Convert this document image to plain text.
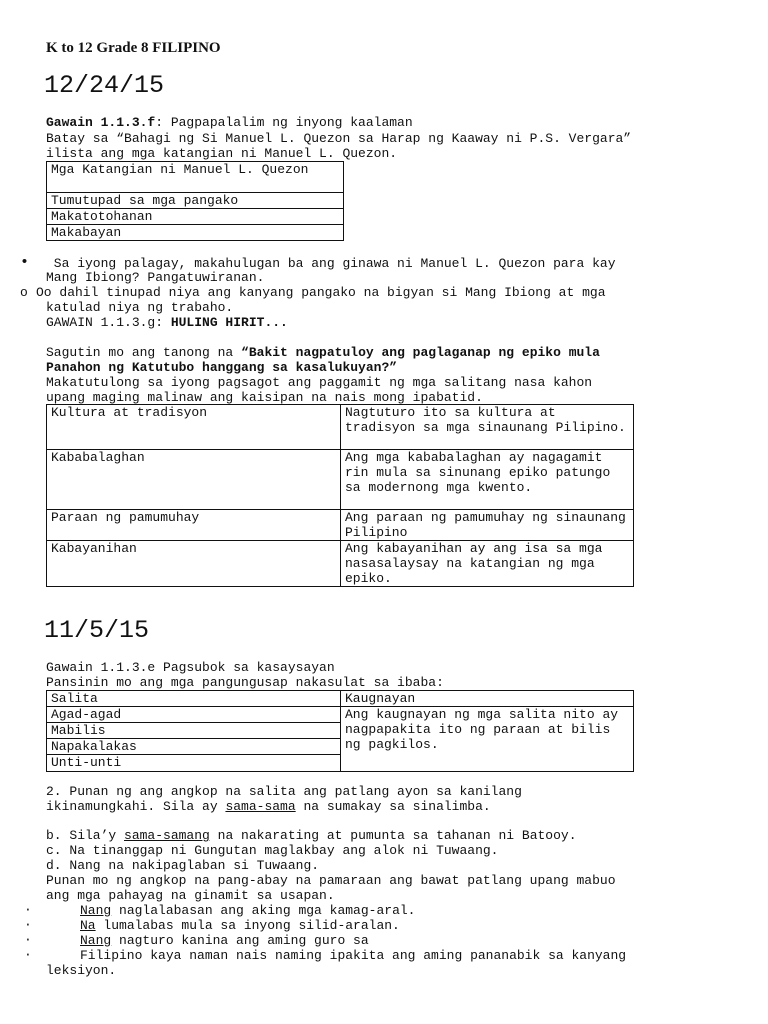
K to 12 Grade 8 FILIPINO
12/24/15
Gawain 1.1.3.f: Pagpapalalim ng inyong kaalaman
Batay sa “Bahagi ng Si Manuel L. Quezon sa Harap ng Kaaway ni P.S. Vergara”
ilista ang mga katangian ni Manuel L. Quezon.
Mga Katangian ni Manuel L. Quezon
Tumutupad sa mga pangako
Makatotohanan
Makabayan
• Sa iyong palagay, makahulugan ba ang ginawa ni Manuel L. Quezon para kay
Mang Ibiong? Pangatuwiranan.
o Oo dahil tinupad niya ang kanyang pangako na bigyan si Mang Ibiong at mga
katulad niya ng trabaho.
GAWAIN 1.1.3.g: HULING HIRIT...
Sagutin mo ang tanong na “Bakit nagpatuloy ang paglaganap ng epiko mula
Panahon ng Katutubo hanggang sa kasalukuyan?”
Makatutulong sa iyong pagsagot ang paggamit ng mga salitang nasa kahon
upang maging malinaw ang kaisipan na nais mong ipabatid.
Kultura at tradisyon	Nagtuturo ito sa kultura at tradisyon sa mga sinaunang Pilipino.
Kababalaghan	Ang mga kababalaghan ay nagagamit rin mula sa sinunang epiko patungo sa modernong mga kwento.
Paraan ng pamumuhay	Ang paraan ng pamumuhay ng sinaunang Pilipino
Kabayanihan	Ang kabayanihan ay ang isa sa mga nasasalaysay na katangian ng mga epiko.
11/5/15
Gawain 1.1.3.e Pagsubok sa kasaysayan
Pansinin mo ang mga pangungusap nakasulat sa ibaba:
Salita	Kaugnayan
Agad-agad	Ang kaugnayan ng mga salita nito ay nagpapakita ito ng paraan at bilis ng pagkilos.
Mabilis	
Napakalakas	
Unti-unti	
2. Punan ng ang angkop na salita ang patlang ayon sa kanilang
ikinamungkahi. Sila ay sama-sama na sumakay sa sinalimba.
b. Sila’y sama-samang na nakarating at pumunta sa tahanan ni Batooy.
c. Na tinanggap ni Gungutan maglakbay ang alok ni Tuwaang.
d. Nang na nakipaglaban si Tuwaang.
Punan mo ng angkop na pang-abay na pamaraan ang bawat patlang upang mabuo
ang mga pahayag na ginamit sa usapan.
·	Nang naglalabasan ang aking mga kamag-aral.
·	Na lumalabas mula sa inyong silid-aralan.
·	Nang nagturo kanina ang aming guro sa
·	Filipino kaya naman nais naming ipakita ang aming pananabik sa kanyang
leksiyon.
